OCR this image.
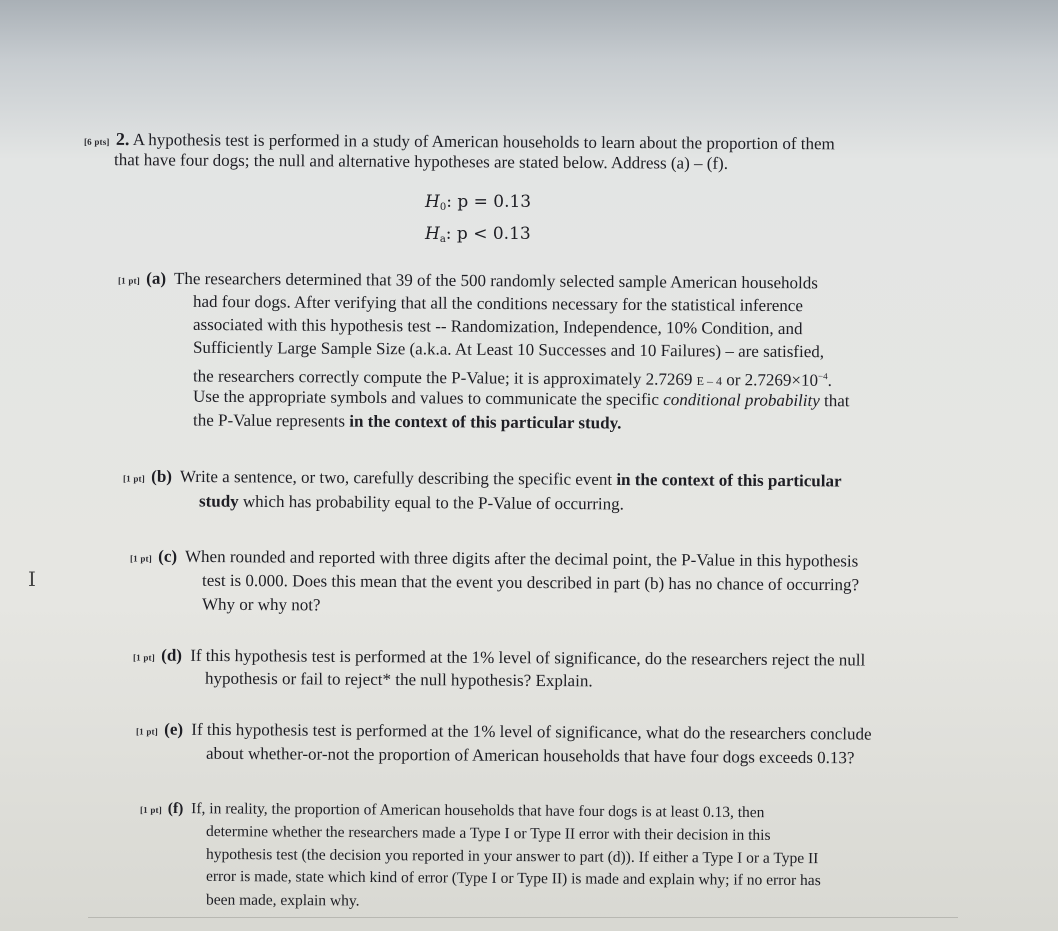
[6 pts] 2. A hypothesis test is performed in a study of American households to learn about the proportion of them
that have four dogs; the null and alternative hypotheses are stated below. Address (a) – (f).
$H_0$: p = 0.13
$H_a$: p < 0.13
[1 pt] (a) The researchers determined that 39 of the 500 randomly selected sample American households
had four dogs. After verifying that all the conditions necessary for the statistical inference
associated with this hypothesis test -- Randomization, Independence, 10% Condition, and
Sufficiently Large Sample Size (a.k.a. At Least 10 Successes and 10 Failures) – are satisfied,
the researchers correctly compute the P-Value; it is approximately 2.7269 E – 4 or $2.7269\times 10^{-4}$.
Use the appropriate symbols and values to communicate the specific conditional probability that
the P-Value represents in the context of this particular study.
[1 pt] (b) Write a sentence, or two, carefully describing the specific event in the context of this particular
study which has probability equal to the P-Value of occurring.
[1 pt] (c) When rounded and reported with three digits after the decimal point, the P-Value in this hypothesis
test is 0.000. Does this mean that the event you described in part (b) has no chance of occurring?
Why or why not?
[1 pt] (d) If this hypothesis test is performed at the 1% level of significance, do the researchers reject the null
hypothesis or fail to reject* the null hypothesis? Explain.
[1 pt] (e) If this hypothesis test is performed at the 1% level of significance, what do the researchers conclude
about whether-or-not the proportion of American households that have four dogs exceeds 0.13?
[1 pt] (f) If, in reality, the proportion of American households that have four dogs is at least 0.13, then
determine whether the researchers made a Type I or Type II error with their decision in this
hypothesis test (the decision you reported in your answer to part (d)). If either a Type I or a Type II
error is made, state which kind of error (Type I or Type II) is made and explain why; if no error has
been made, explain why.
I
